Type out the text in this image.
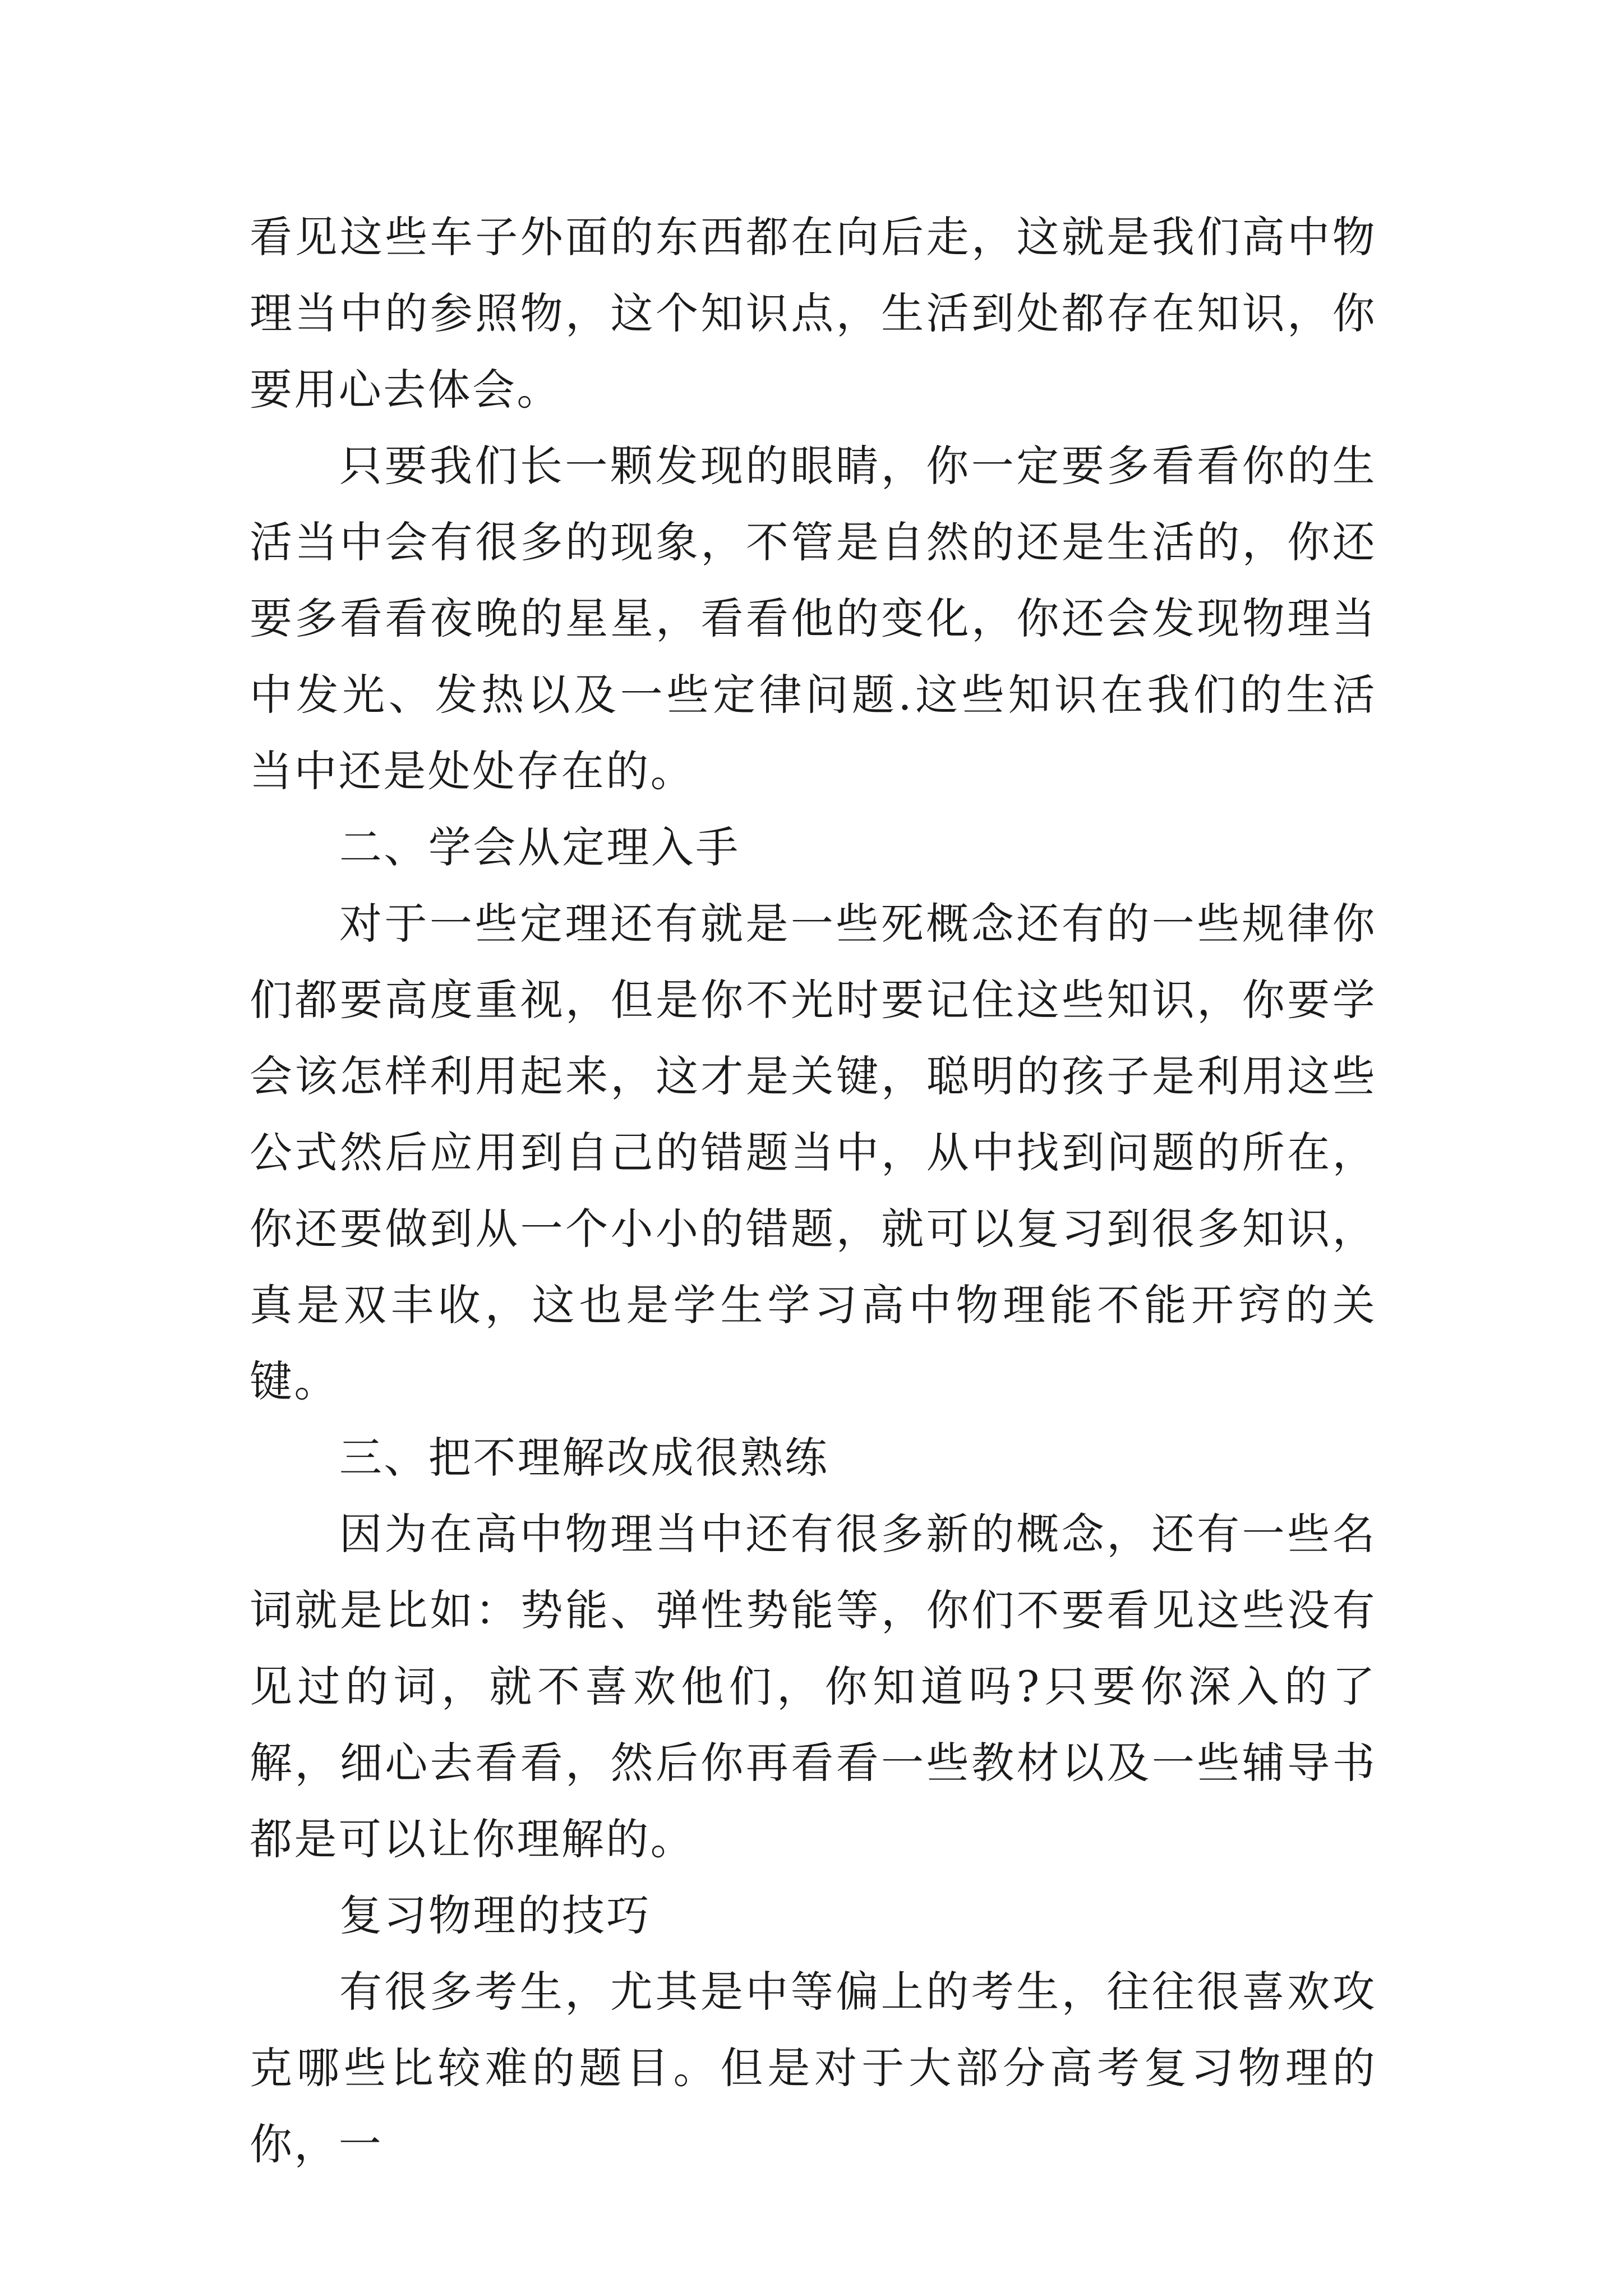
看见这些车子外面的东西都在向后走，这就是我们高中物理当中的参照物，这个知识点，生活到处都存在知识，你要用心去体会。

只要我们长一颗发现的眼睛，你一定要多看看你的生活当中会有很多的现象，不管是自然的还是生活的，你还要多看看夜晚的星星，看看他的变化，你还会发现物理当中发光、发热以及一些定律问题.这些知识在我们的生活当中还是处处存在的。

二、学会从定理入手

对于一些定理还有就是一些死概念还有的一些规律你们都要高度重视，但是你不光时要记住这些知识，你要学会该怎样利用起来，这才是关键，聪明的孩子是利用这些公式然后应用到自己的错题当中，从中找到问题的所在，你还要做到从一个小小的错题，就可以复习到很多知识，真是双丰收，这也是学生学习高中物理能不能开窍的关键。

三、把不理解改成很熟练

因为在高中物理当中还有很多新的概念，还有一些名词就是比如：势能、弹性势能等，你们不要看见这些没有见过的词，就不喜欢他们，你知道吗?只要你深入的了解，细心去看看，然后你再看看一些教材以及一些辅导书都是可以让你理解的。

复习物理的技巧

有很多考生，尤其是中等偏上的考生，往往很喜欢攻克哪些比较难的题目。但是对于大部分高考复习物理的你，一
